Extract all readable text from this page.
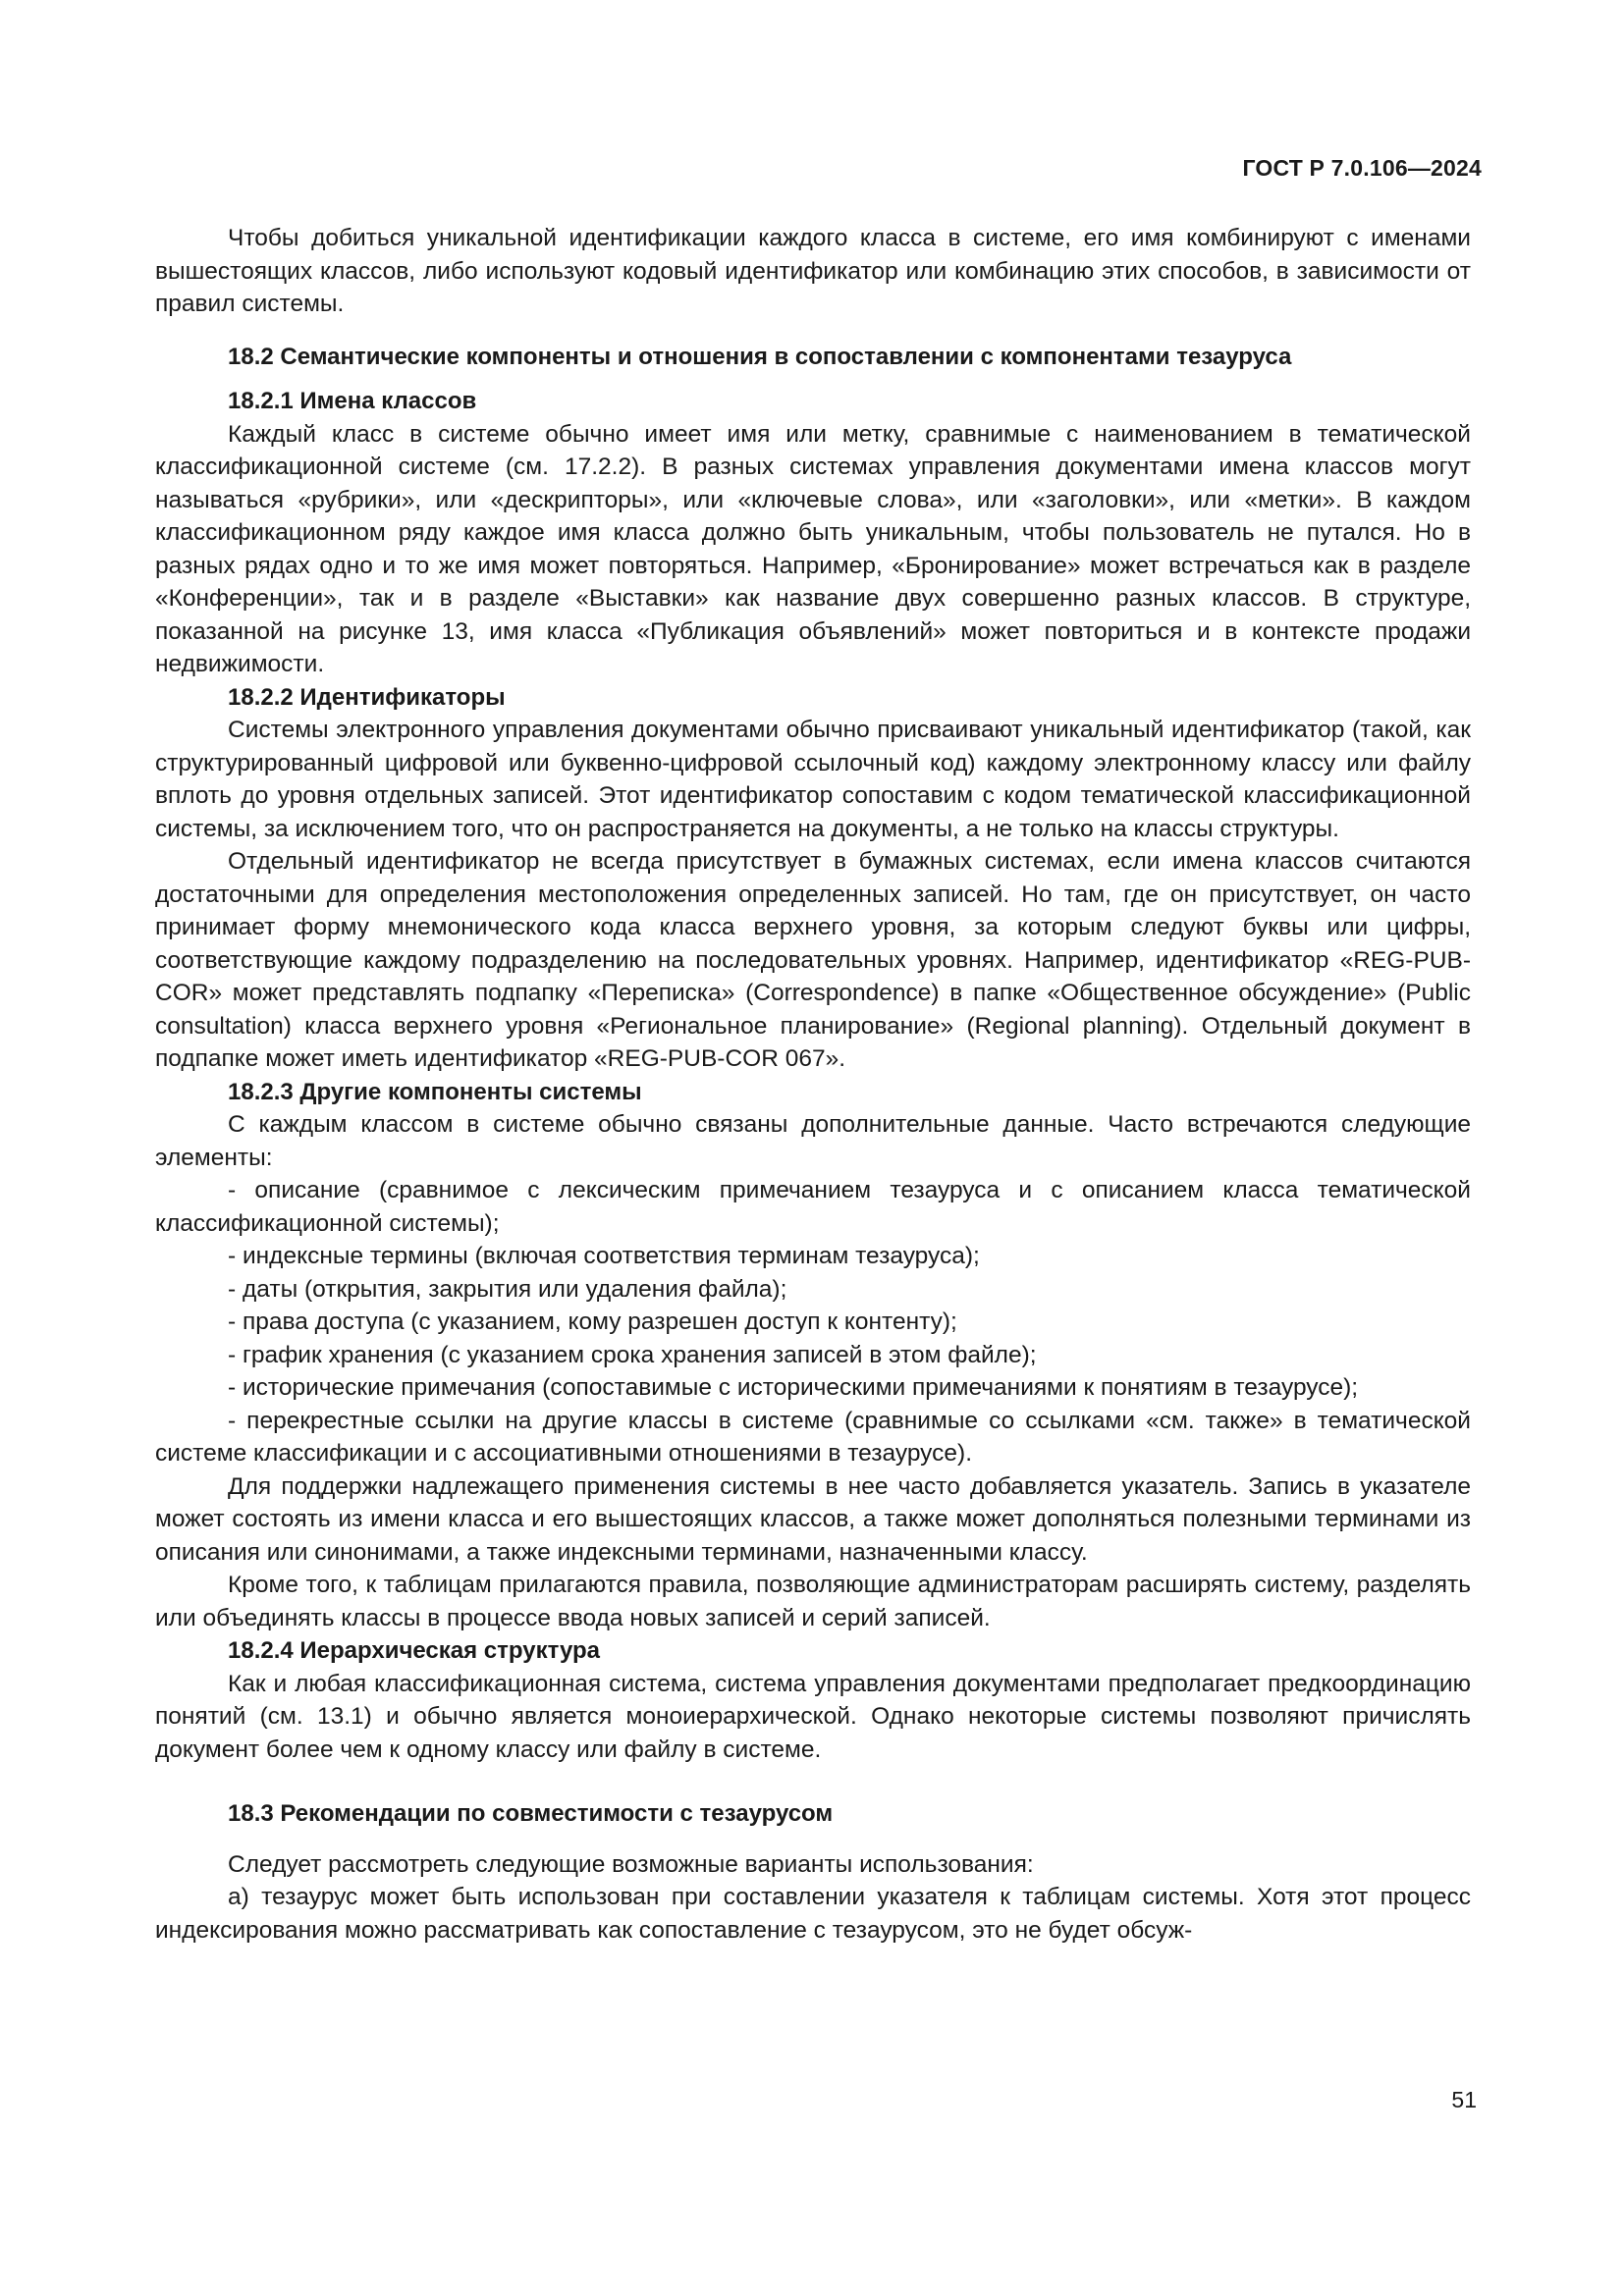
ГОСТ Р 7.0.106—2024

Чтобы добиться уникальной идентификации каждого класса в системе, его имя комбинируют с именами вышестоящих классов, либо используют кодовый идентификатор или комбинацию этих способов, в зависимости от правил системы.

18.2 Семантические компоненты и отношения в сопоставлении с компонентами тезауруса

18.2.1 Имена классов

Каждый класс в системе обычно имеет имя или метку, сравнимые с наименованием в тематической классификационной системе (см. 17.2.2). В разных системах управления документами имена классов могут называться «рубрики», или «дескрипторы», или «ключевые слова», или «заголовки», или «метки». В каждом классификационном ряду каждое имя класса должно быть уникальным, чтобы пользователь не путался. Но в разных рядах одно и то же имя может повторяться. Например, «Бронирование» может встречаться как в разделе «Конференции», так и в разделе «Выставки» как название двух совершенно разных классов. В структуре, показанной на рисунке 13, имя класса «Публикация объявлений» может повториться и в контексте продажи недвижимости.

18.2.2 Идентификаторы

Системы электронного управления документами обычно присваивают уникальный идентификатор (такой, как структурированный цифровой или буквенно-цифровой ссылочный код) каждому электронному классу или файлу вплоть до уровня отдельных записей. Этот идентификатор сопоставим с кодом тематической классификационной системы, за исключением того, что он распространяется на документы, а не только на классы структуры.

Отдельный идентификатор не всегда присутствует в бумажных системах, если имена классов считаются достаточными для определения местоположения определенных записей. Но там, где он присутствует, он часто принимает форму мнемонического кода класса верхнего уровня, за которым следуют буквы или цифры, соответствующие каждому подразделению на последовательных уровнях. Например, идентификатор «REG-PUB-COR» может представлять подпапку «Переписка» (Correspondence) в папке «Общественное обсуждение» (Public consultation) класса верхнего уровня «Региональное планирование» (Regional planning). Отдельный документ в подпапке может иметь идентификатор «REG-PUB-COR 067».

18.2.3 Другие компоненты системы

С каждым классом в системе обычно связаны дополнительные данные. Часто встречаются следующие элементы:

- описание (сравнимое с лексическим примечанием тезауруса и с описанием класса тематической классификационной системы);

- индексные термины (включая соответствия терминам тезауруса);

- даты (открытия, закрытия или удаления файла);

- права доступа (с указанием, кому разрешен доступ к контенту);

- график хранения (с указанием срока хранения записей в этом файле);

- исторические примечания (сопоставимые с историческими примечаниями к понятиям в тезаурусе);

- перекрестные ссылки на другие классы в системе (сравнимые со ссылками «см. также» в тематической системе классификации и с ассоциативными отношениями в тезаурусе).

Для поддержки надлежащего применения системы в нее часто добавляется указатель. Запись в указателе может состоять из имени класса и его вышестоящих классов, а также может дополняться полезными терминами из описания или синонимами, а также индексными терминами, назначенными классу.

Кроме того, к таблицам прилагаются правила, позволяющие администраторам расширять систему, разделять или объединять классы в процессе ввода новых записей и серий записей.

18.2.4 Иерархическая структура

Как и любая классификационная система, система управления документами предполагает предкоординацию понятий (см. 13.1) и обычно является моноиерархической. Однако некоторые системы позволяют причислять документ более чем к одному классу или файлу в системе.

18.3 Рекомендации по совместимости с тезаурусом

Следует рассмотреть следующие возможные варианты использования:

а) тезаурус может быть использован при составлении указателя к таблицам системы. Хотя этот процесс индексирования можно рассматривать как сопоставление с тезаурусом, это не будет обсуж-

51
